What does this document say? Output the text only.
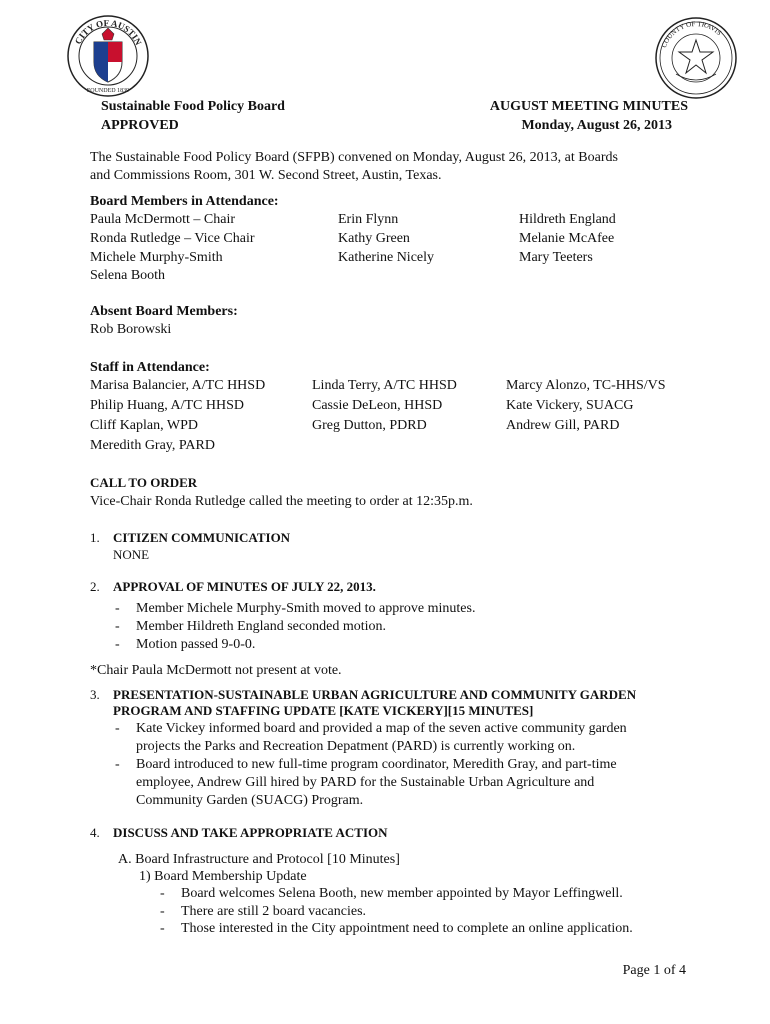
CITY OF AUSTIN
FOUNDED 1839
COUNTY OF TRAVIS
Sustainable Food Policy Board
APPROVED
AUGUST MEETING MINUTES
Monday, August 26, 2013
The Sustainable Food Policy Board (SFPB) convened on Monday, August 26, 2013, at Boards
and Commissions Room, 301 W. Second Street, Austin, Texas.
Board Members in Attendance:
Paula McDermott – Chair
Ronda Rutledge – Vice Chair
Michele Murphy-Smith
Selena Booth
Erin Flynn
Kathy Green
Katherine Nicely
Hildreth England
Melanie McAfee
Mary Teeters
Absent Board Members:
Rob Borowski
Staff in Attendance:
Marisa Balancier, A/TC HHSD
Philip Huang, A/TC HHSD
Cliff Kaplan, WPD
Meredith Gray, PARD
Linda Terry, A/TC HHSD
Cassie DeLeon, HHSD
Greg Dutton, PDRD
Marcy Alonzo, TC-HHS/VS
Kate Vickery, SUACG
Andrew Gill, PARD
CALL TO ORDER
Vice-Chair Ronda Rutledge called the meeting to order at 12:35p.m.
1. CITIZEN COMMUNICATION
NONE
2. APPROVAL OF MINUTES OF JULY 22, 2013.
- Member Michele Murphy-Smith moved to approve minutes.
- Member Hildreth England seconded motion.
- Motion passed 9-0-0.
*Chair Paula McDermott not present at vote.
3. PRESENTATION-SUSTAINABLE URBAN AGRICULTURE AND COMMUNITY GARDEN
PROGRAM AND STAFFING UPDATE [KATE VICKERY][15 MINUTES]
- Kate Vickey informed board and provided a map of the seven active community garden
projects the Parks and Recreation Depatment (PARD) is currently working on.
- Board introduced to new full-time program coordinator, Meredith Gray, and part-time
employee, Andrew Gill hired by PARD for the Sustainable Urban Agriculture and
Community Garden (SUACG) Program.
4. DISCUSS AND TAKE APPROPRIATE ACTION
A. Board Infrastructure and Protocol [10 Minutes]
1) Board Membership Update
- Board welcomes Selena Booth, new member appointed by Mayor Leffingwell.
- There are still 2 board vacancies.
- Those interested in the City appointment need to complete an online application.
Page 1 of 4
